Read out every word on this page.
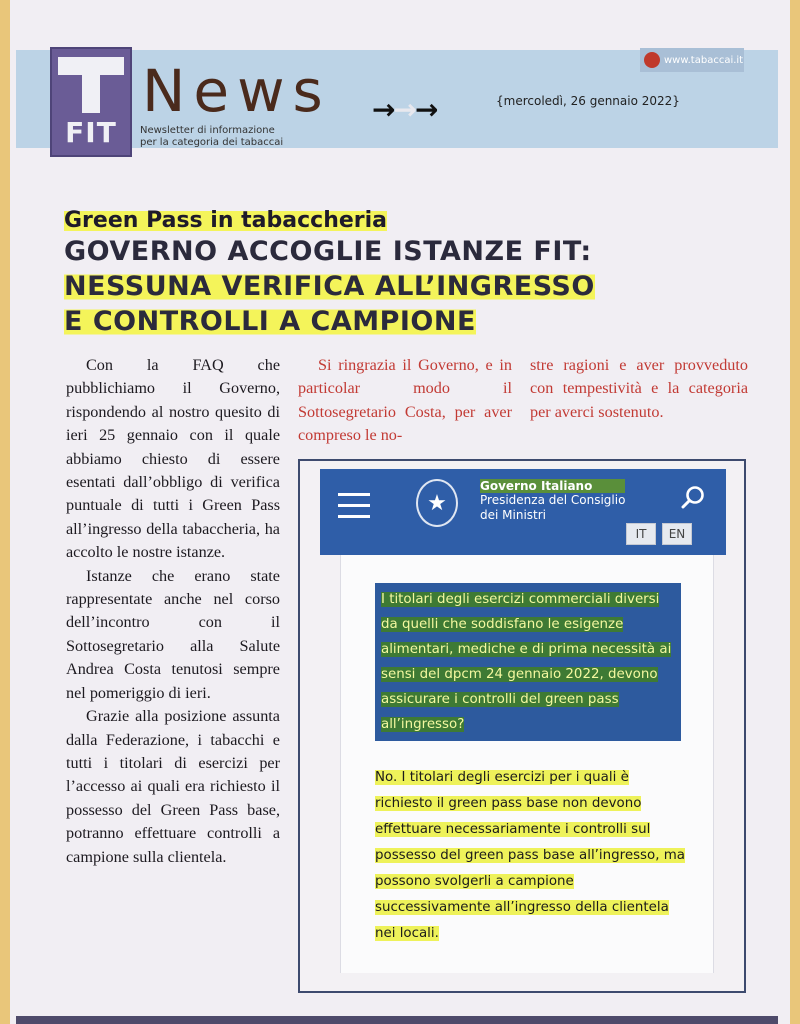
FIT
News
Newsletter di informazione
per la categoria dei tabaccai
→→→	{mercoledì, 26 gennaio 2022}
www.tabaccai.it
Green Pass in tabaccheria
GOVERNO ACCOGLIE ISTANZE FIT:
NESSUNA VERIFICA ALL’INGRESSO
E CONTROLLI A CAMPIONE

Con la FAQ che pubblichiamo il Governo, rispondendo al nostro quesito di ieri 25 gennaio con il quale abbiamo chiesto di essere esentati dall’obbligo di verifica puntuale di tutti i Green Pass all’ingresso della tabaccheria, ha accolto le nostre istanze.

Istanze che erano state rappresentate anche nel corso dell’incontro con il Sottosegretario alla Salute Andrea Costa tenutosi sempre nel pomeriggio di ieri.

Grazie alla posizione assunta dalla Federazione, i tabacchi e tutti i titolari di esercizi per l’accesso ai quali era richiesto il possesso del Green Pass base, potranno effettuare controlli a campione sulla clientela.

Si ringrazia il Governo, e in particolar modo il Sottosegretario Costa, per aver compreso le no-
stre ragioni e aver provveduto con tempestività e la categoria per averci sostenuto.
★
Governo Italiano
Presidenza del Consiglio
dei Ministri
IT	EN
I titolari degli esercizi commerciali diversi da quelli che soddisfano le esigenze alimentari, mediche e di prima necessità ai sensi del dpcm 24 gennaio 2022, devono assicurare i controlli del green pass all’ingresso?
No. I titolari degli esercizi per i quali è richiesto il green pass base non devono effettuare necessariamente i controlli sul possesso del green pass base all’ingresso, ma possono svolgerli a campione successivamente all’ingresso della clientela nei locali.
